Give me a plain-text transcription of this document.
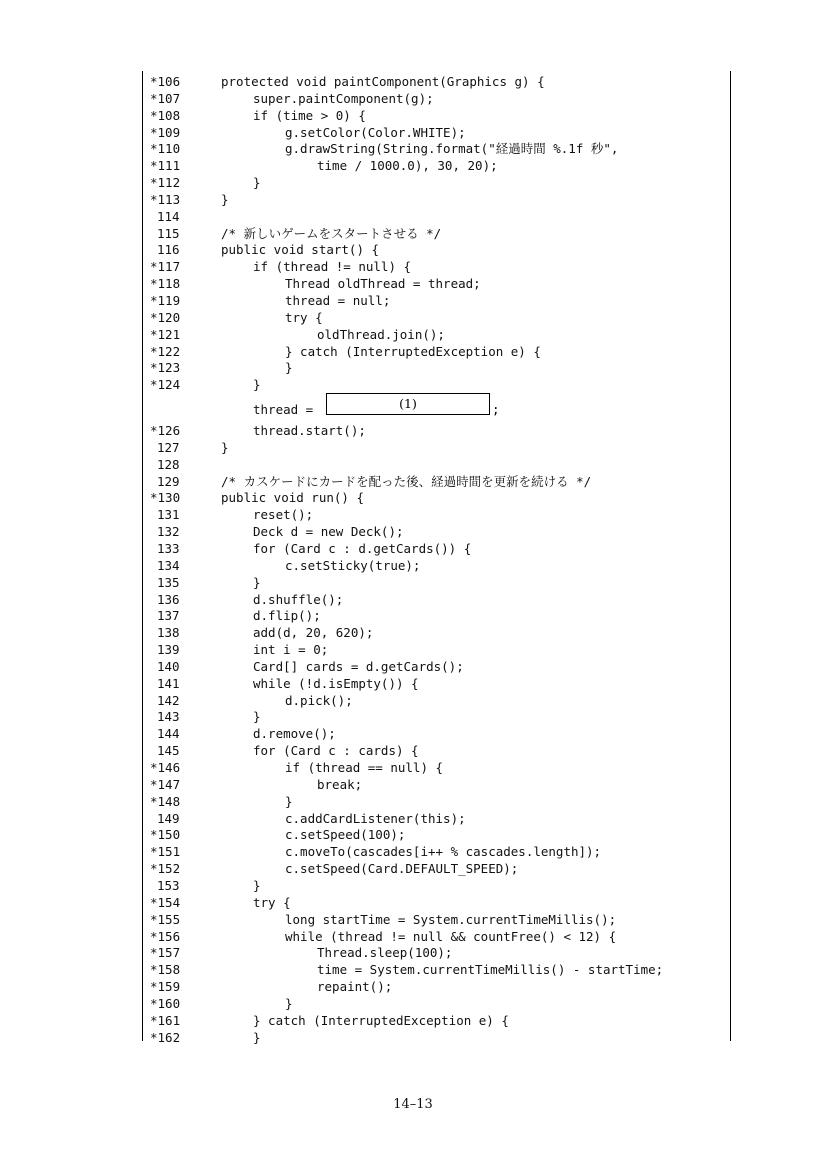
*106	protected void paintComponent(Graphics g) {
*107	super.paintComponent(g);
*108	if (time > 0) {
*109	g.setColor(Color.WHITE);
*110	g.drawString(String.format("経過時間 %.1f 秒",
*111	time / 1000.0), 30, 20);
*112	}
*113	}
114
115	/* 新しいゲームをスタートさせる */
116	public void start() {
*117	if (thread != null) {
*118	Thread oldThread = thread;
*119	thread = null;
*120	try {
*121	oldThread.join();
*122	} catch (InterruptedException e) {
*123	}
*124	}
thread =
*126	thread.start();
127	}
128
129	/* カスケードにカードを配った後、経過時間を更新を続ける */
*130	public void run() {
131	reset();
132	Deck d = new Deck();
133	for (Card c : d.getCards()) {
134	c.setSticky(true);
135	}
136	d.shuffle();
137	d.flip();
138	add(d, 20, 620);
139	int i = 0;
140	Card[] cards = d.getCards();
141	while (!d.isEmpty()) {
142	d.pick();
143	}
144	d.remove();
145	for (Card c : cards) {
*146	if (thread == null) {
*147	break;
*148	}
149	c.addCardListener(this);
*150	c.setSpeed(100);
*151	c.moveTo(cascades[i++ % cascades.length]);
*152	c.setSpeed(Card.DEFAULT_SPEED);
153	}
*154	try {
*155	long startTime = System.currentTimeMillis();
*156	while (thread != null && countFree() < 12) {
*157	Thread.sleep(100);
*158	time = System.currentTimeMillis() - startTime;
*159	repaint();
*160	}
*161	} catch (InterruptedException e) {
*162	}
(1)	;
14–13
